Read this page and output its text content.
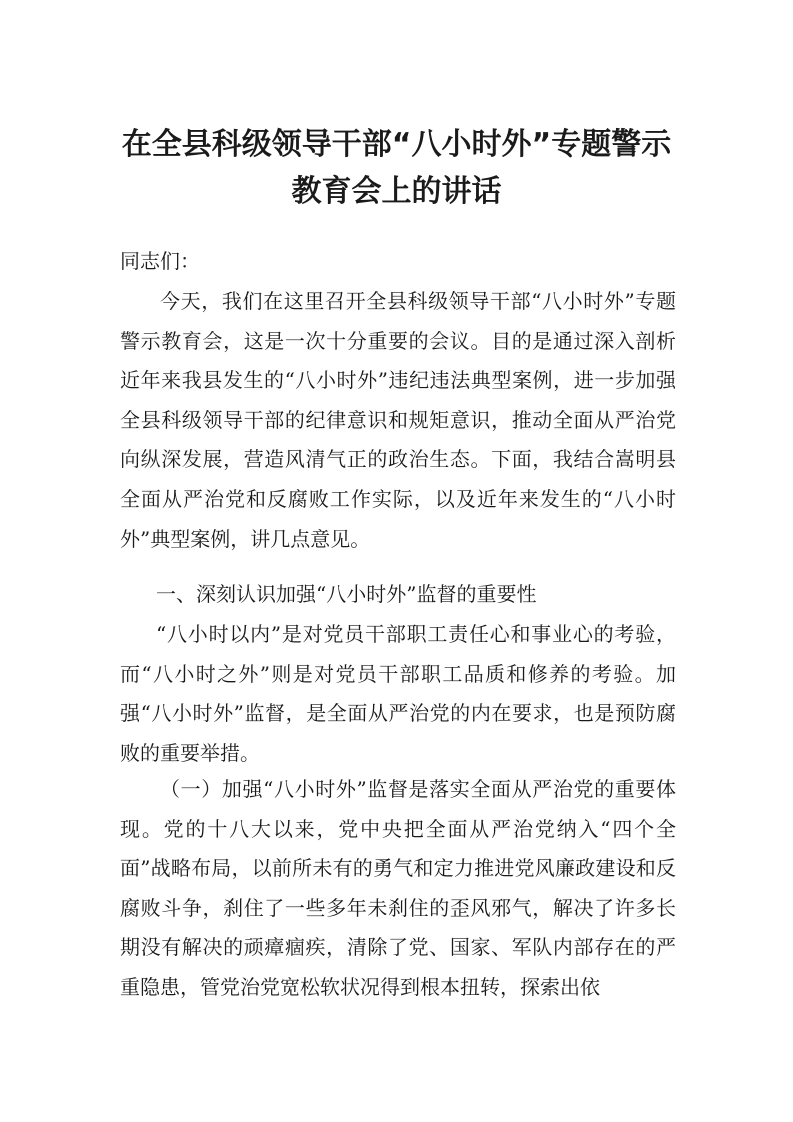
在全县科级领导干部“八小时外”专题警示
教育会上的讲话

同志们：

今天，我们在这里召开全县科级领导干部“八小时外”专题警示教育会，这是一次十分重要的会议。目的是通过深入剖析近年来我县发生的“八小时外”违纪违法典型案例，进一步加强全县科级领导干部的纪律意识和规矩意识，推动全面从严治党向纵深发展，营造风清气正的政治生态。下面，我结合嵩明县全面从严治党和反腐败工作实际，以及近年来发生的“八小时外”典型案例，讲几点意见。

一、深刻认识加强“八小时外”监督的重要性

“八小时以内”是对党员干部职工责任心和事业心的考验，而“八小时之外”则是对党员干部职工品质和修养的考验。加强“八小时外”监督，是全面从严治党的内在要求，也是预防腐败的重要举措。

（一）加强“八小时外”监督是落实全面从严治党的重要体现。党的十八大以来，党中央把全面从严治党纳入“四个全面”战略布局，以前所未有的勇气和定力推进党风廉政建设和反腐败斗争，刹住了一些多年未刹住的歪风邪气，解决了许多长期没有解决的顽瘴痼疾，清除了党、国家、军队内部存在的严重隐患，管党治党宽松软状况得到根本扭转，探索出依
